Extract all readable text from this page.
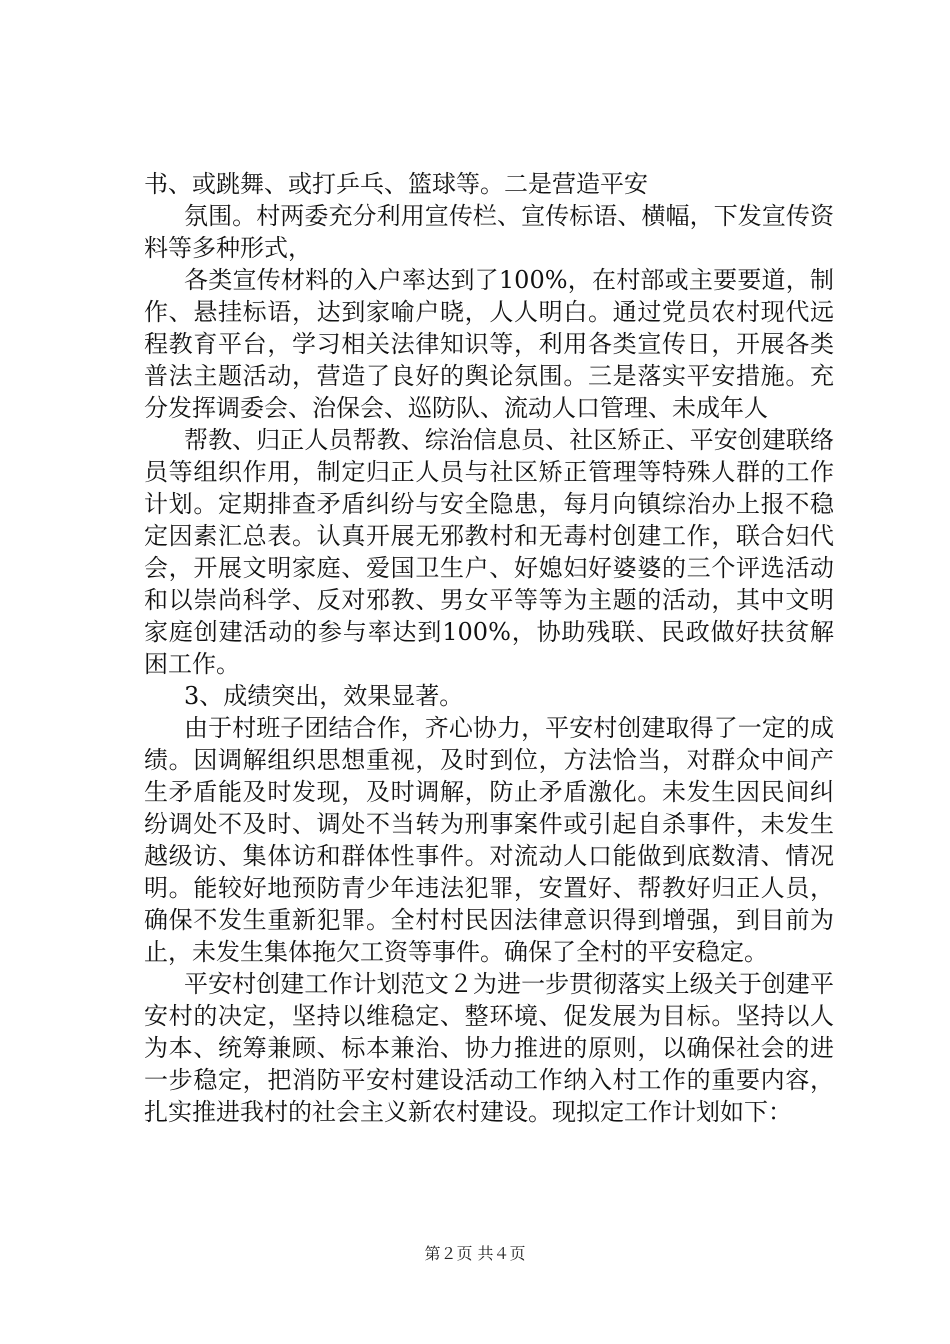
书、或跳舞、或打乒乓、篮球等。二是营造平安

氛围。村两委充分利用宣传栏、宣传标语、横幅，下发宣传资料等多种形式，

各类宣传材料的入户率达到了100%，在村部或主要要道，制作、悬挂标语，达到家喻户晓，人人明白。通过党员农村现代远程教育平台，学习相关法律知识等，利用各类宣传日，开展各类普法主题活动，营造了良好的舆论氛围。三是落实平安措施。充分发挥调委会、治保会、巡防队、流动人口管理、未成年人

帮教、归正人员帮教、综治信息员、社区矫正、平安创建联络员等组织作用，制定归正人员与社区矫正管理等特殊人群的工作计划。定期排查矛盾纠纷与安全隐患，每月向镇综治办上报不稳定因素汇总表。认真开展无邪教村和无毒村创建工作，联合妇代会，开展文明家庭、爱国卫生户、好媳妇好婆婆的三个评选活动和以崇尚科学、反对邪教、男女平等等为主题的活动，其中文明家庭创建活动的参与率达到100%，协助残联、民政做好扶贫解困工作。

3、成绩突出，效果显著。

由于村班子团结合作，齐心协力，平安村创建取得了一定的成绩。因调解组织思想重视，及时到位，方法恰当，对群众中间产生矛盾能及时发现，及时调解，防止矛盾激化。未发生因民间纠纷调处不及时、调处不当转为刑事案件或引起自杀事件，未发生越级访、集体访和群体性事件。对流动人口能做到底数清、情况明。能较好地预防青少年违法犯罪，安置好、帮教好归正人员，确保不发生重新犯罪。全村村民因法律意识得到增强，到目前为止，未发生集体拖欠工资等事件。确保了全村的平安稳定。

平安村创建工作计划范文２为进一步贯彻落实上级关于创建平安村的决定，坚持以维稳定、整环境、促发展为目标。坚持以人为本、统筹兼顾、标本兼治、协力推进的原则，以确保社会的进一步稳定，把消防平安村建设活动工作纳入村工作的重要内容，扎实推进我村的社会主义新农村建设。现拟定工作计划如下：

第２页 共４页
